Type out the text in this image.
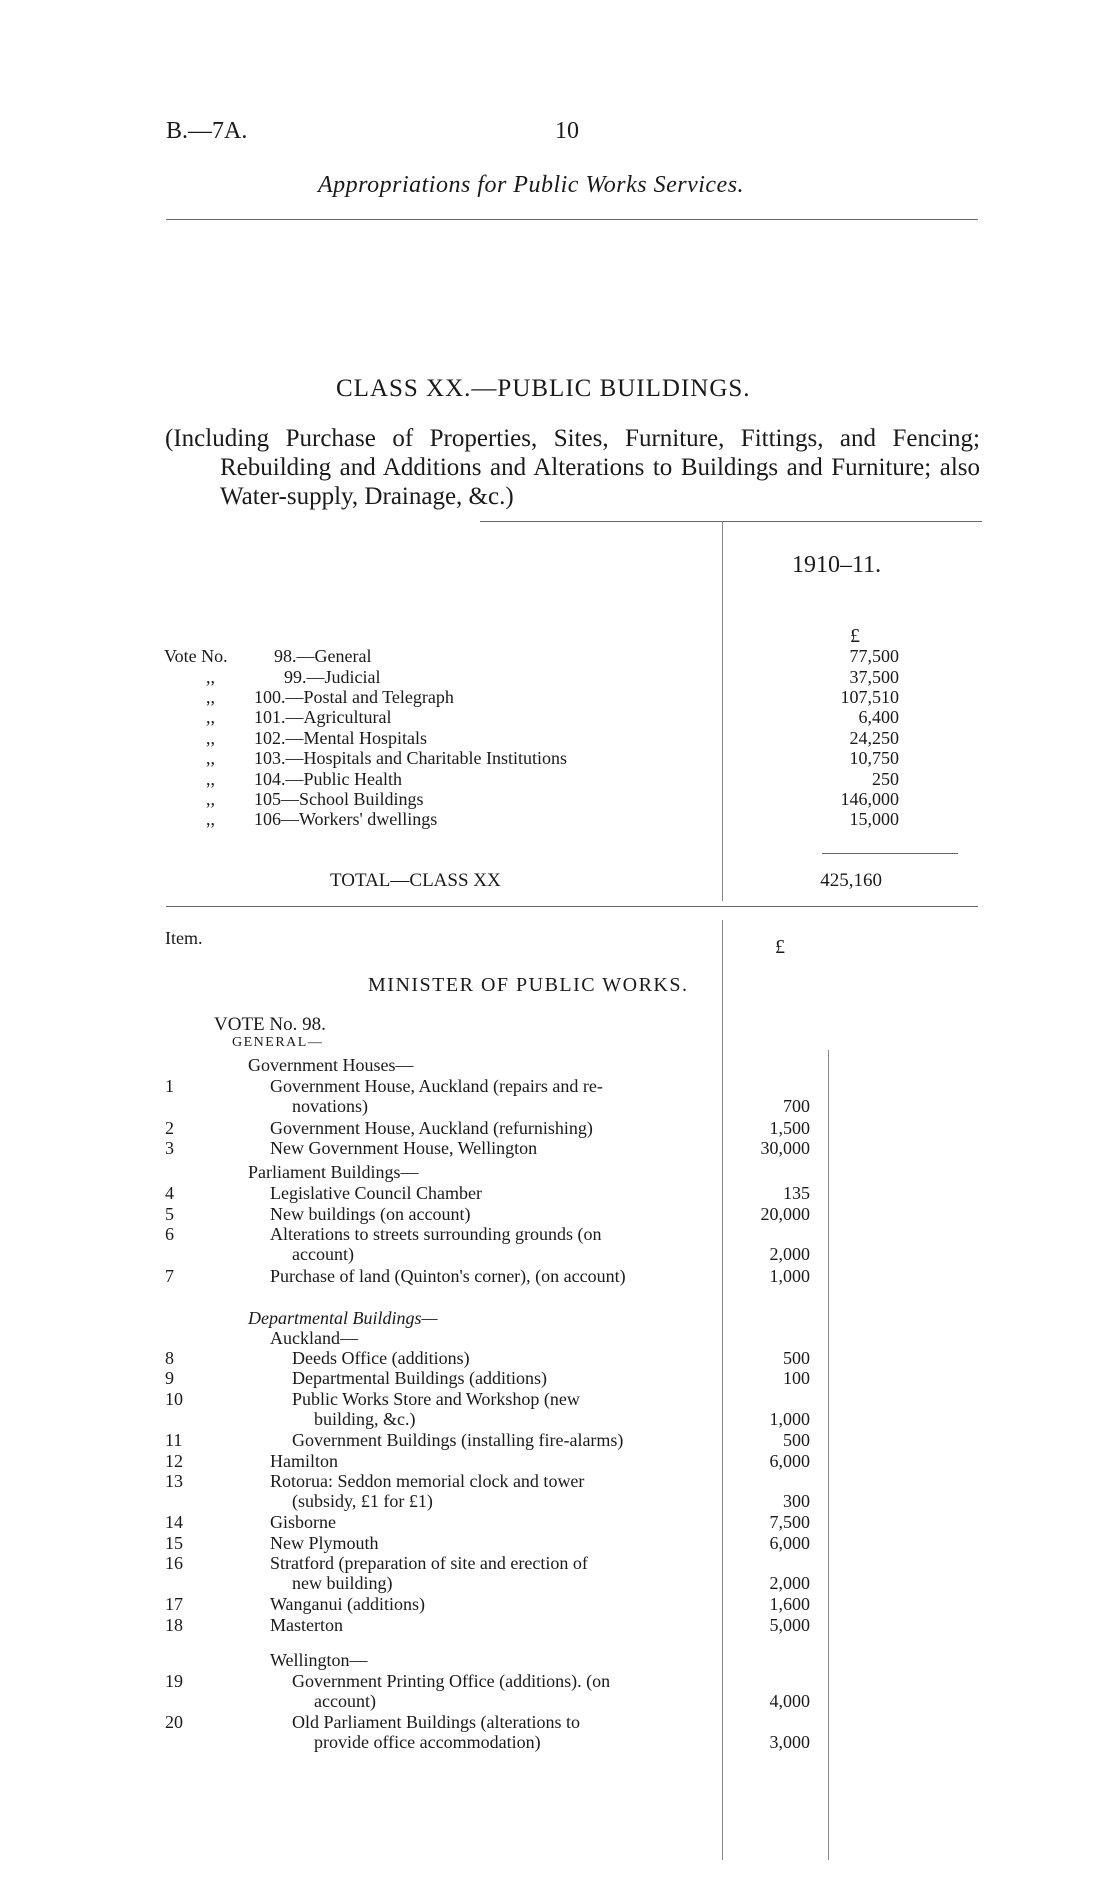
B.—7A.	10
Appropriations for Public Works Services.
CLASS XX.—PUBLIC BUILDINGS.
(Including Purchase of Properties, Sites, Furniture, Fittings, and Fencing; Rebuilding and Additions and Alterations to Buildings and Furniture; also Water-supply, Drainage, &c.)
1910–11.
£
Vote No.	98.—General	77,500
,,	99.—Judicial	37,500
,, 100.—Postal and Telegraph	107,510
,, 101.—Agricultural	6,400
,, 102.—Mental Hospitals	24,250
,, 103.—Hospitals and Charitable Institutions	10,750
,, 104.—Public Health	250
,, 105—School Buildings	146,000
,, 106—Workers' dwellings	15,000
TOTAL—CLASS XX	425,160
Item.	£
MINISTER OF PUBLIC WORKS.
VOTE No. 98.
GENERAL—
Government Houses—
Parliament Buildings—
Departmental Buildings—
Auckland—
Wellington—
1	Government House, Auckland (repairs and re-
novations)	700
2	Government House, Auckland (refurnishing)	1,500
3	New Government House, Wellington	30,000
4	Legislative Council Chamber	135
5	New buildings (on account)	20,000
6	Alterations to streets surrounding grounds (on
account)	2,000
7	Purchase of land (Quinton's corner), (on account)	1,000
8	Deeds Office (additions)	500
9	Departmental Buildings (additions)	100
10	Public Works Store and Workshop (new
building, &c.)	1,000
11	Government Buildings (installing fire-alarms)	500
12	Hamilton	6,000
13	Rotorua: Seddon memorial clock and tower
(subsidy, £1 for £1)	300
14	Gisborne	7,500
15	New Plymouth	6,000
16	Stratford (preparation of site and erection of
new building)	2,000
17	Wanganui (additions)	1,600
18	Masterton	5,000
19	Government Printing Office (additions). (on
account)	4,000
20	Old Parliament Buildings (alterations to
provide office accommodation)	3,000
